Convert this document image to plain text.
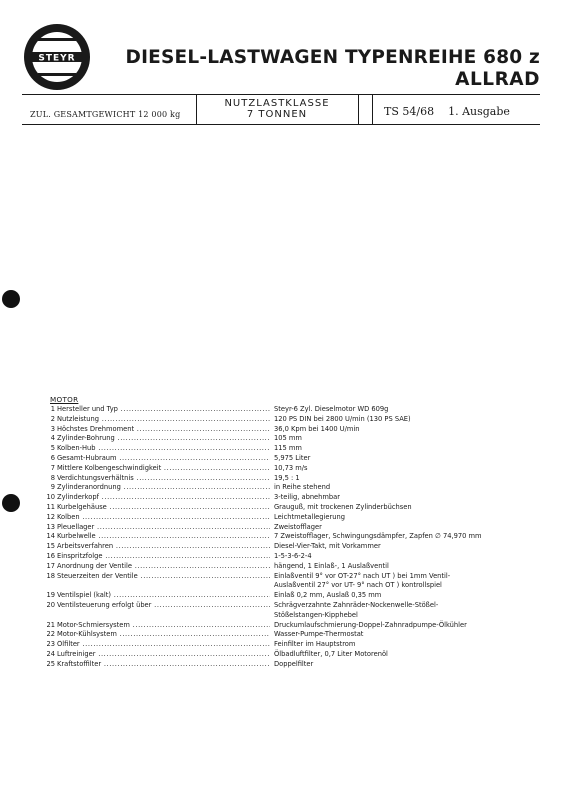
STEYR	DIESEL-LASTWAGEN TYPENREIHE 680 z
ALLRAD
ZUL. GESAMTGEWICHT 12 000 kg
NUTZLASTKLASSE
7 TONNEN	TS 54/68 1. Ausgabe
MOTOR
1 Hersteller und Typ .....	Steyr-6 Zyl. Dieselmotor WD 609g
2 Nutzleistung .....	120 PS DIN bei 2800 U/min (130 PS SAE)
3 Höchstes Drehmoment .....	36,0 Kpm bei 1400 U/min
4 Zylinder-Bohrung .....	105 mm
5 Kolben-Hub .....	115 mm
6 Gesamt-Hubraum .....	5,975 Liter
7 Mittlere Kolbengeschwindigkeit .....	10,73 m/s
8 Verdichtungsverhältnis .....	19,5 : 1
9 Zylinderanordnung .....	in Reihe stehend
10 Zylinderkopf .....	3-teilig, abnehmbar
11 Kurbelgehäuse .....	Grauguß, mit trockenen Zylinderbüchsen
12 Kolben .....	Leichtmetallegierung
13 Pleuellager .....	Zweistofflager
14 Kurbelwelle .....	7 Zweistofflager, Schwingungsdämpfer, Zapfen ∅ 74,970 mm
15 Arbeitsverfahren .....	Diesel-Vier-Takt, mit Vorkammer
16 Einspritzfolge .....	1-5-3-6-2-4
17 Anordnung der Ventile .....	hängend, 1 Einlaß-, 1 Auslaßventil
18 Steuerzeiten der Ventile .....	Einlaßventil 9° vor OT-27° nach UT ) bei 1mm Ventil-
Auslaßventil 27° vor UT- 9° nach OT ) kontrollspiel
19 Ventilspiel (kalt) .....	Einlaß 0,2 mm, Auslaß 0,35 mm
20 Ventilsteuerung erfolgt über .....	Schrägverzahnte Zahnräder-Nockenwelle-Stößel-
Stößelstangen-Kipphebel
21 Motor-Schmiersystem .....	Druckumlaufschmierung-Doppel-Zahnradpumpe-Ölkühler
22 Motor-Kühlsystem .....	Wasser-Pumpe-Thermostat
23 Ölfilter .....	Feinfilter im Hauptstrom
24 Luftreiniger .....	Ölbadluftfilter, 0,7 Liter Motorenöl
25 Kraftstoffilter .....	Doppelfilter
